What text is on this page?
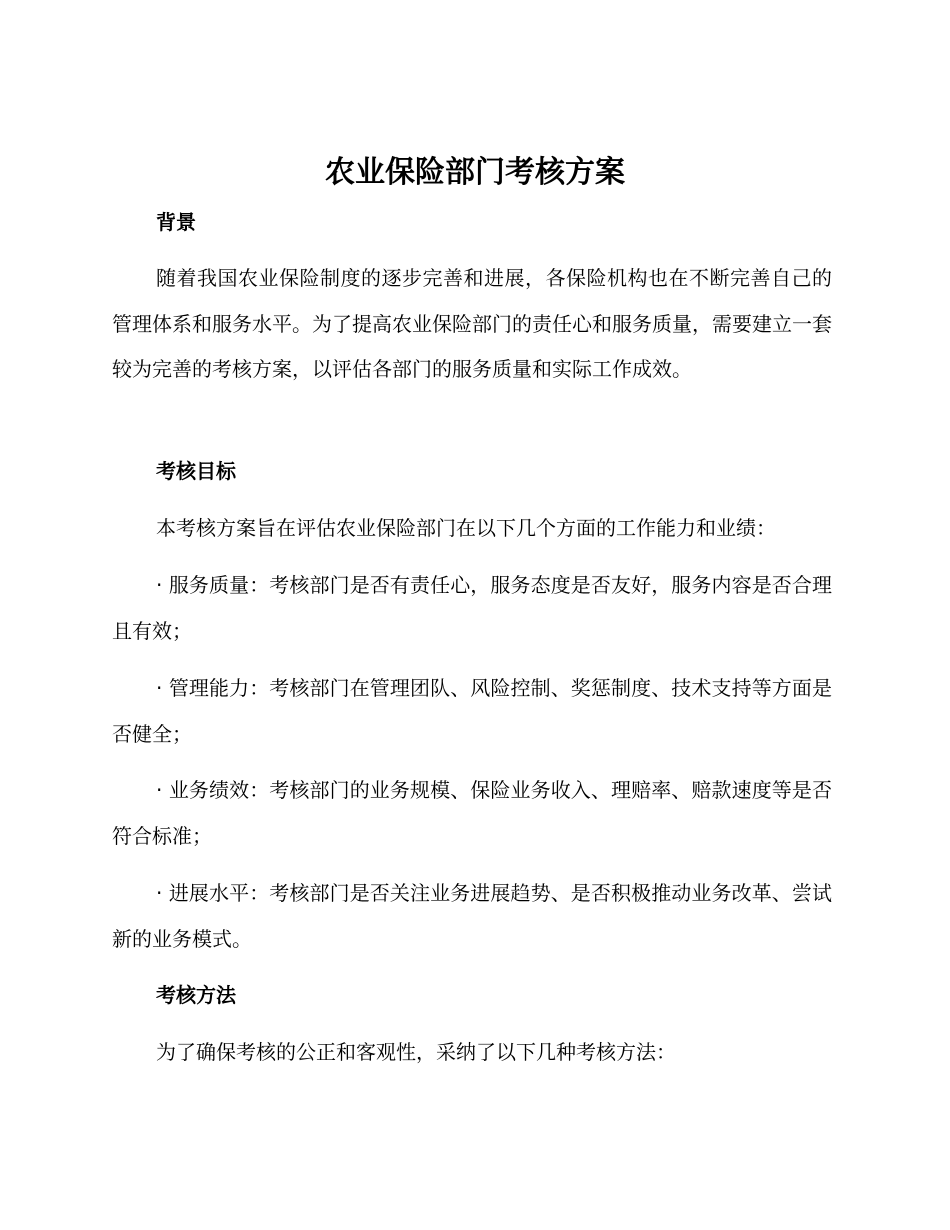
农业保险部门考核方案
背景

随着我国农业保险制度的逐步完善和进展，各保险机构也在不断完善自己的管理体系和服务水平。为了提高农业保险部门的责任心和服务质量，需要建立一套较为完善的考核方案，以评估各部门的服务质量和实际工作成效。

考核目标

本考核方案旨在评估农业保险部门在以下几个方面的工作能力和业绩：

· 服务质量：考核部门是否有责任心，服务态度是否友好，服务内容是否合理且有效；

· 管理能力：考核部门在管理团队、风险控制、奖惩制度、技术支持等方面是否健全；

· 业务绩效：考核部门的业务规模、保险业务收入、理赔率、赔款速度等是否符合标准；

· 进展水平：考核部门是否关注业务进展趋势、是否积极推动业务改革、尝试新的业务模式。

考核方法

为了确保考核的公正和客观性，采纳了以下几种考核方法：
